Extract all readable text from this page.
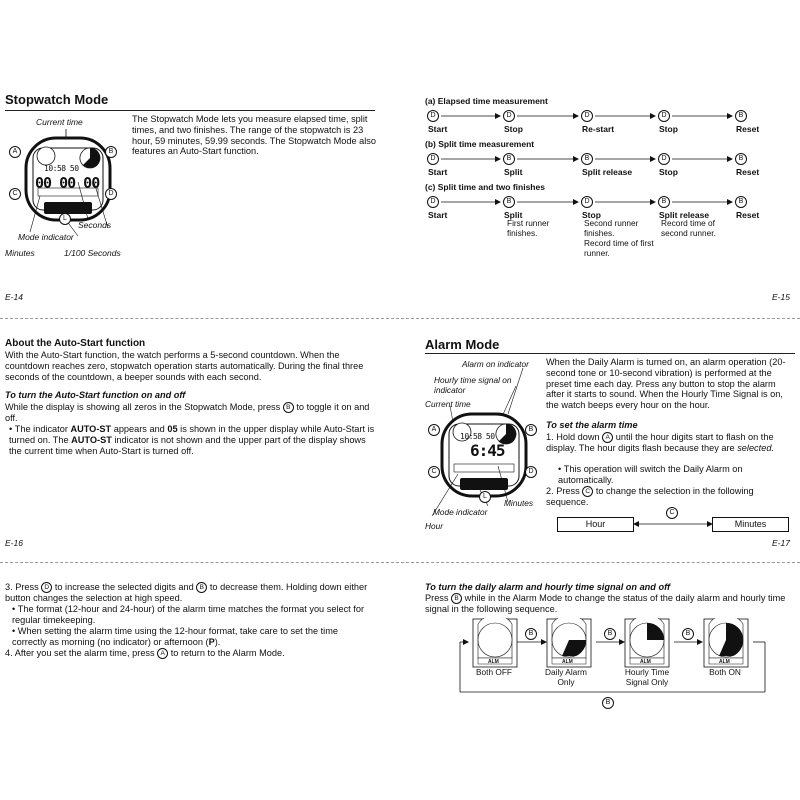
Stopwatch Mode
The Stopwatch Mode lets you measure elapsed time, split times, and two finishes. The range of the stopwatch is 23 hour, 59 minutes, 59.99 seconds. The Stopwatch Mode also features an Auto-Start function.
Current time
10:58 50
00 00 00
A	B
C	D
L
Seconds
Mode indicator
Minutes	1/100 Seconds
E-14
(a) Elapsed time measurement
(b) Split time measurement
(c) Split time and two finishes
D
Start
D
Stop
D
Re-start
D
Stop
B
Reset
D
Start
B
Split
B
Split release
D
Stop
B
Reset
D
Start
B
Split
D
Stop
B
Split release
B
Reset
First runner finishes.
Second runner finishes.
Record time of first runner.
Record time of second runner.
E-15
About the Auto-Start function
With the Auto-Start function, the watch performs a 5-second countdown. When the countdown reaches zero, stopwatch operation starts automatically. During the final three seconds of the countdown, a beeper sounds with each second.
To turn the Auto-Start function on and off
While the display is showing all zeros in the Stopwatch Mode, press B to toggle it on and off.
• The indicator AUTO-ST appears and 05 is shown in the upper display while Auto-Start is turned on. The AUTO-ST indicator is not shown and the upper part of the display shows the current time when Auto-Start is turned off.
E-16
Alarm Mode
Alarm on indicator
Hourly time signal on indicator
Current time
10:58 50
6:45
A	B
C	D
L
Minutes
Mode indicator
Hour
When the Daily Alarm is turned on, an alarm operation (20-second tone or 10-second vibration) is performed at the preset time each day. Press any button to stop the alarm after it starts to sound. When the Hourly Time Signal is on, the watch beeps every hour on the hour.
To set the alarm time
1. Hold down A until the hour digits start to flash on the display. The hour digits flash because they are selected.
• This operation will switch the Daily Alarm on automatically.
2. Press C to change the selection in the following sequence.
Hour	Minutes
C
E-17
3. Press D to increase the selected digits and B to decrease them. Holding down either button changes the selection at high speed.
• The format (12-hour and 24-hour) of the alarm time matches the format you select for regular timekeeping.
• When setting the alarm time using the 12-hour format, take care to set the time correctly as morning (no indicator) or afternoon (P).
4. After you set the alarm time, press A to return to the Alarm Mode.
To turn the daily alarm and hourly time signal on and off
Press B while in the Alarm Mode to change the status of the daily alarm and hourly time signal in the following sequence.
ALM	ALM	ALM	ALM
Both OFF	Daily Alarm Only
Hourly Time Signal Only
Both ON
B	B	B
B
